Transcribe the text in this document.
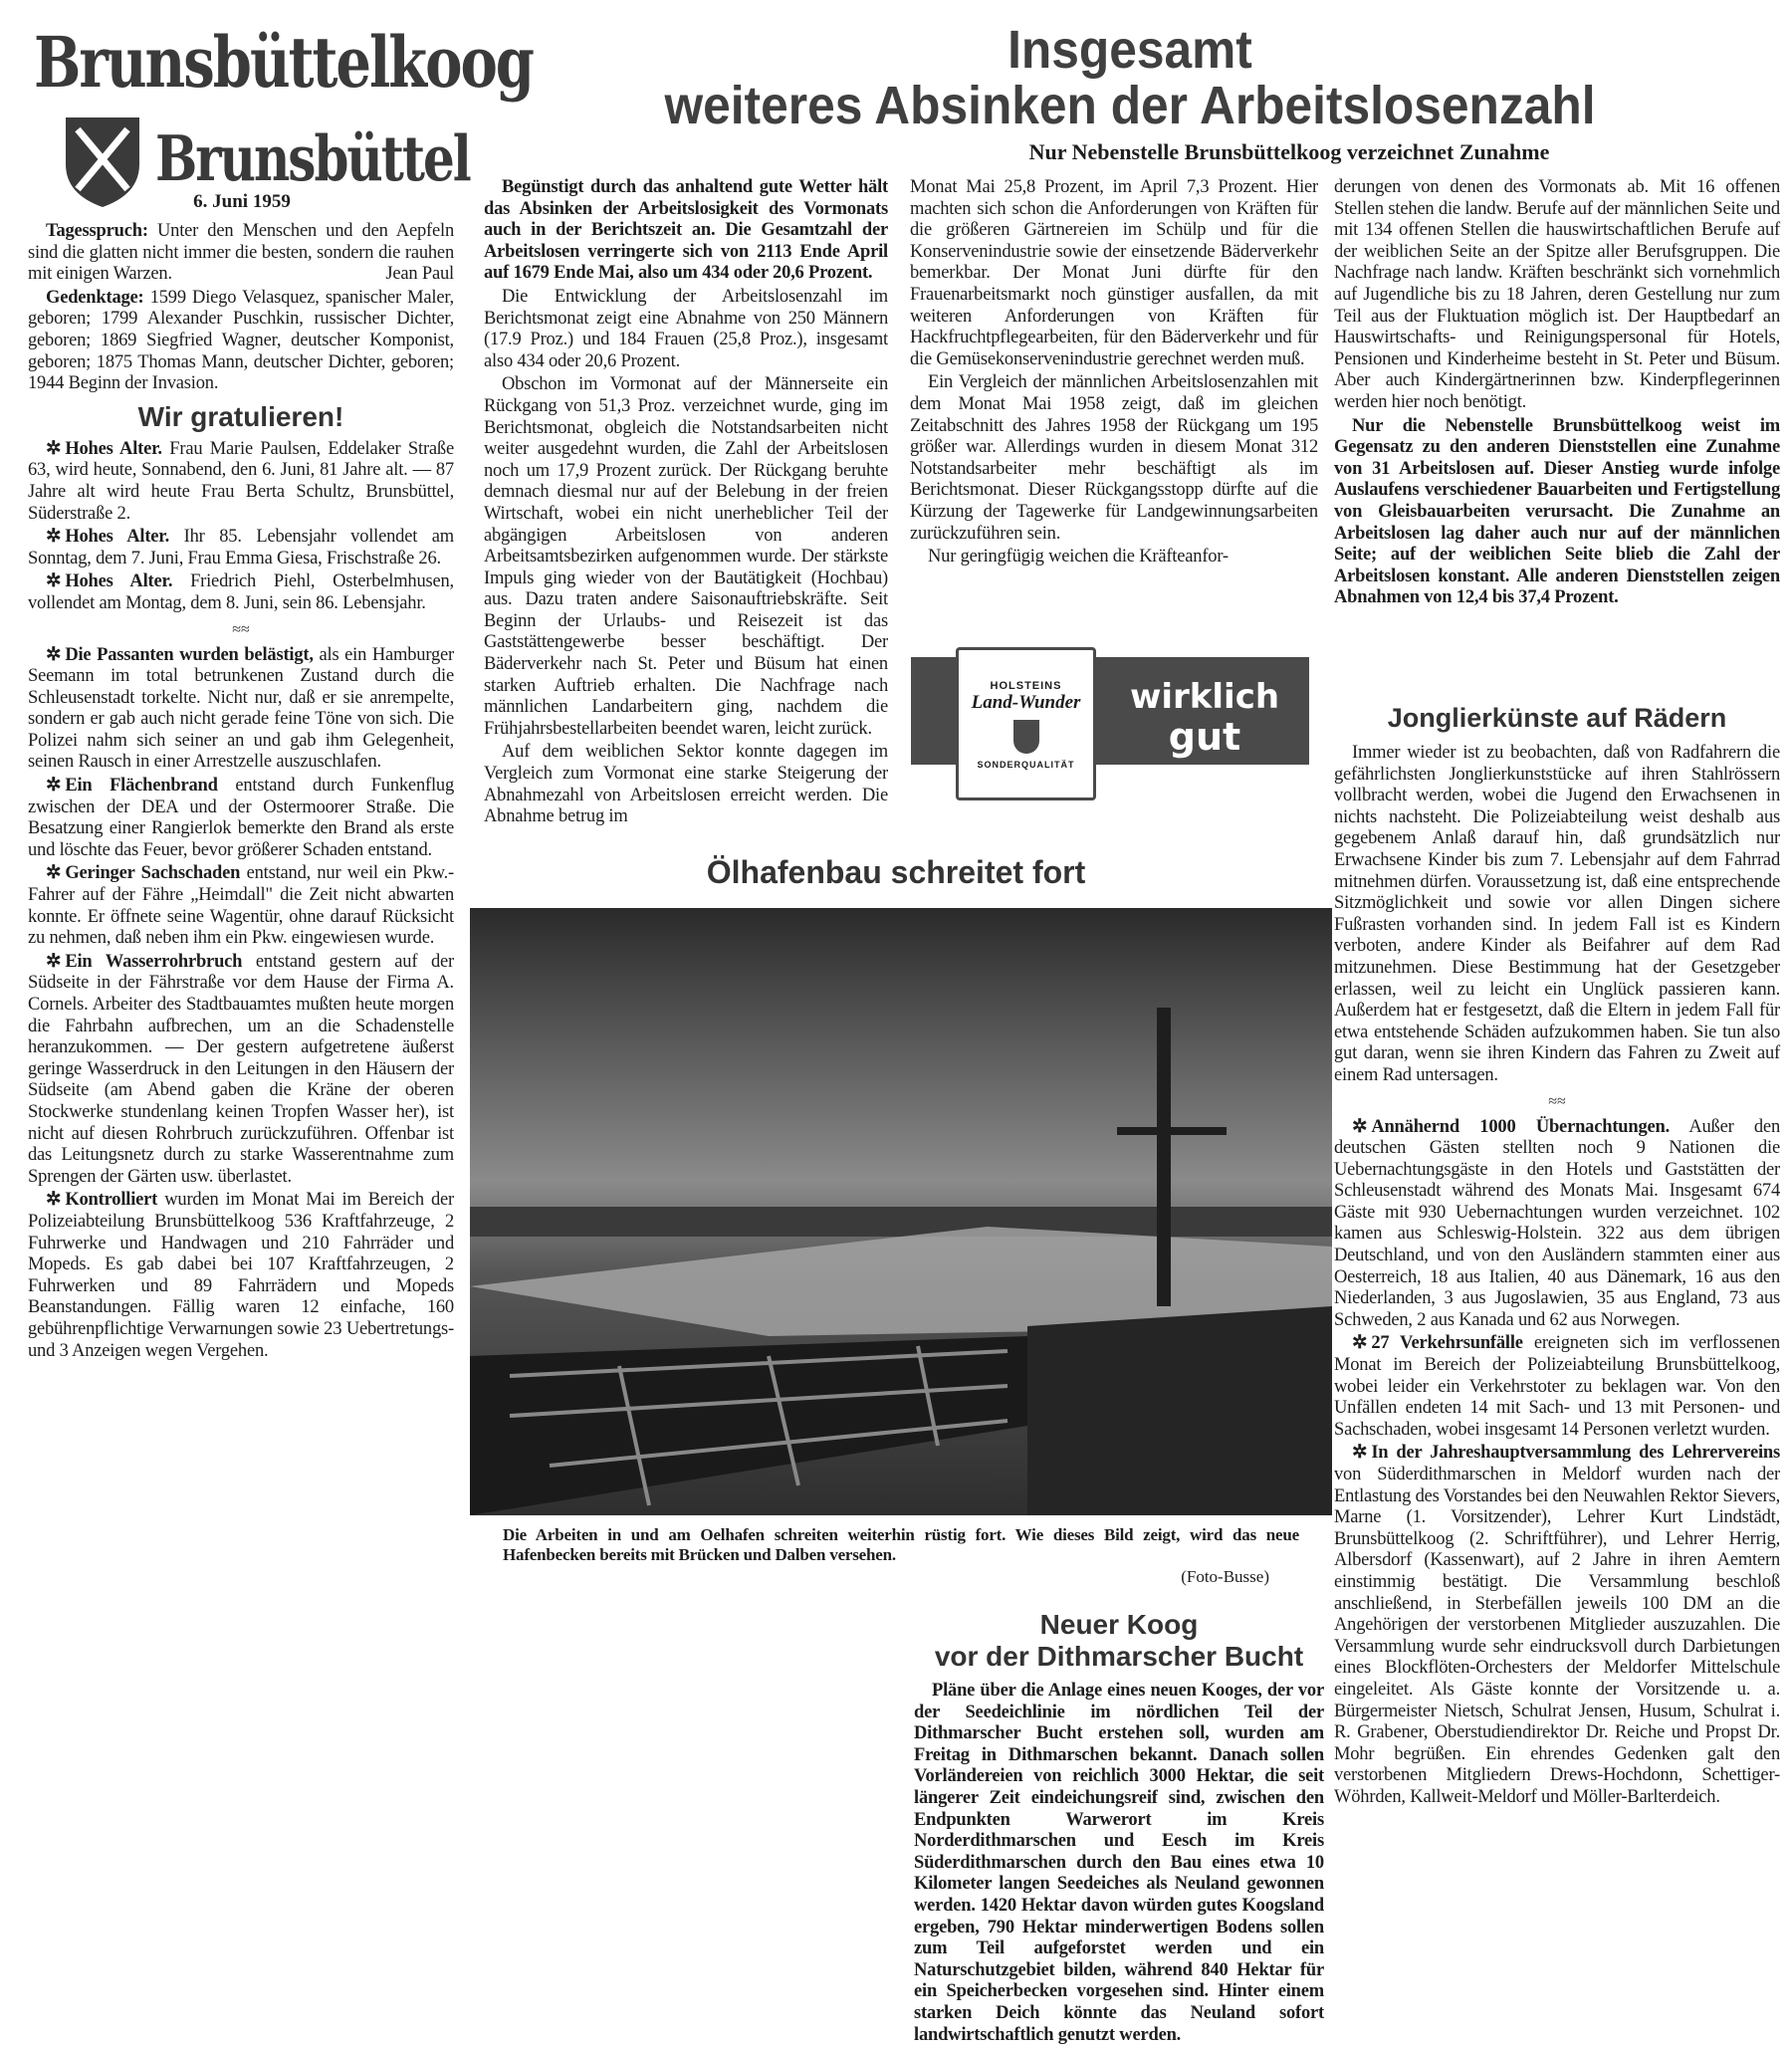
Brunsbüttelkoog
Brunsbüttel
6. Juni 1959

Tagesspruch: Unter den Menschen und den Aepfeln sind die glatten nicht immer die besten, sondern die rauhen mit einigen Warzen.	Jean Paul

Gedenktage: 1599 Diego Velasquez, spanischer Maler, geboren; 1799 Alexander Puschkin, russischer Dichter, geboren; 1869 Siegfried Wagner, deutscher Komponist, geboren; 1875 Thomas Mann, deutscher Dichter, geboren; 1944 Beginn der Invasion.

Wir gratulieren!

✲ Hohes Alter. Frau Marie Paulsen, Eddelaker Straße 63, wird heute, Sonnabend, den 6. Juni, 81 Jahre alt. — 87 Jahre alt wird heute Frau Berta Schultz, Brunsbüttel, Süderstraße 2.

✲ Hohes Alter. Ihr 85. Lebensjahr vollendet am Sonntag, dem 7. Juni, Frau Emma Giesa, Frischstraße 26.

✲ Hohes Alter. Friedrich Piehl, Osterbelmhusen, vollendet am Montag, dem 8. Juni, sein 86. Lebensjahr.

≈≈

✲ Die Passanten wurden belästigt, als ein Hamburger Seemann im total betrunkenen Zustand durch die Schleusenstadt torkelte. Nicht nur, daß er sie anrempelte, sondern er gab auch nicht gerade feine Töne von sich. Die Polizei nahm sich seiner an und gab ihm Gelegenheit, seinen Rausch in einer Arrestzelle auszuschlafen.

✲ Ein Flächenbrand entstand durch Funkenflug zwischen der DEA und der Ostermoorer Straße. Die Besatzung einer Rangierlok bemerkte den Brand als erste und löschte das Feuer, bevor größerer Schaden entstand.

✲ Geringer Sachschaden entstand, nur weil ein Pkw.-Fahrer auf der Fähre „Heimdall" die Zeit nicht abwarten konnte. Er öffnete seine Wagentür, ohne darauf Rücksicht zu nehmen, daß neben ihm ein Pkw. eingewiesen wurde.

✲ Ein Wasserrohrbruch entstand gestern auf der Südseite in der Fährstraße vor dem Hause der Firma A. Cornels. Arbeiter des Stadtbauamtes mußten heute morgen die Fahrbahn aufbrechen, um an die Schadenstelle heranzukommen. — Der gestern aufgetretene äußerst geringe Wasserdruck in den Leitungen in den Häusern der Südseite (am Abend gaben die Kräne der oberen Stockwerke stundenlang keinen Tropfen Wasser her), ist nicht auf diesen Rohrbruch zurückzuführen. Offenbar ist das Leitungsnetz durch zu starke Wasserentnahme zum Sprengen der Gärten usw. überlastet.

✲ Kontrolliert wurden im Monat Mai im Bereich der Polizeiabteilung Brunsbüttelkoog 536 Kraftfahrzeuge, 2 Fuhrwerke und Handwagen und 210 Fahrräder und Mopeds. Es gab dabei bei 107 Kraftfahrzeugen, 2 Fuhrwerken und 89 Fahrrädern und Mopeds Beanstandungen. Fällig waren 12 einfache, 160 gebührenpflichtige Verwarnungen sowie 23 Uebertretungs- und 3 Anzeigen wegen Vergehen.

Insgesamt
weiteres Absinken der Arbeitslosenzahl
Nur Nebenstelle Brunsbüttelkoog verzeichnet Zunahme

Begünstigt durch das anhaltend gute Wetter hält das Absinken der Arbeitslosigkeit des Vormonats auch in der Berichtszeit an. Die Gesamtzahl der Arbeitslosen verringerte sich von 2113 Ende April auf 1679 Ende Mai, also um 434 oder 20,6 Prozent.

Die Entwicklung der Arbeitslosenzahl im Berichtsmonat zeigt eine Abnahme von 250 Männern (17.9 Proz.) und 184 Frauen (25,8 Proz.), insgesamt also 434 oder 20,6 Prozent.

Obschon im Vormonat auf der Männerseite ein Rückgang von 51,3 Proz. verzeichnet wurde, ging im Berichtsmonat, obgleich die Notstandsarbeiten nicht weiter ausgedehnt wurden, die Zahl der Arbeitslosen noch um 17,9 Prozent zurück. Der Rückgang beruhte demnach diesmal nur auf der Belebung in der freien Wirtschaft, wobei ein nicht unerheblicher Teil der abgängigen Arbeitslosen von anderen Arbeitsamtsbezirken aufgenommen wurde. Der stärkste Impuls ging wieder von der Bautätigkeit (Hochbau) aus. Dazu traten andere Saisonauftriebskräfte. Seit Beginn der Urlaubs- und Reisezeit ist das Gaststättengewerbe besser beschäftigt. Der Bäderverkehr nach St. Peter und Büsum hat einen starken Auftrieb erhalten. Die Nachfrage nach männlichen Landarbeitern ging, nachdem die Frühjahrsbestellarbeiten beendet waren, leicht zurück.

Auf dem weiblichen Sektor konnte dagegen im Vergleich zum Vormonat eine starke Steigerung der Abnahmezahl von Arbeitslosen erreicht werden. Die Abnahme betrug im

Monat Mai 25,8 Prozent, im April 7,3 Prozent. Hier machten sich schon die Anforderungen von Kräften für die größeren Gärtnereien im Schülp und für die Konservenindustrie sowie der einsetzende Bäderverkehr bemerkbar. Der Monat Juni dürfte für den Frauenarbeitsmarkt noch günstiger ausfallen, da mit weiteren Anforderungen von Kräften für Hackfruchtpflegearbeiten, für den Bäderverkehr und für die Gemüsekonservenindustrie gerechnet werden muß.

Ein Vergleich der männlichen Arbeitslosenzahlen mit dem Monat Mai 1958 zeigt, daß im gleichen Zeitabschnitt des Jahres 1958 der Rückgang um 195 größer war. Allerdings wurden in diesem Monat 312 Notstandsarbeiter mehr beschäftigt als im Berichtsmonat. Dieser Rückgangsstopp dürfte auf die Kürzung der Tagewerke für Landgewinnungsarbeiten zurückzuführen sein.

Nur geringfügig weichen die Kräfteanfor-

derungen von denen des Vormonats ab. Mit 16 offenen Stellen stehen die landw. Berufe auf der männlichen Seite und mit 134 offenen Stellen die hauswirtschaftlichen Berufe auf der weiblichen Seite an der Spitze aller Berufsgruppen. Die Nachfrage nach landw. Kräften beschränkt sich vornehmlich auf Jugendliche bis zu 18 Jahren, deren Gestellung nur zum Teil aus der Fluktuation möglich ist. Der Hauptbedarf an Hauswirtschafts- und Reinigungspersonal für Hotels, Pensionen und Kinderheime besteht in St. Peter und Büsum. Aber auch Kindergärtnerinnen bzw. Kinderpflegerinnen werden hier noch benötigt.

Nur die Nebenstelle Brunsbüttelkoog weist im Gegensatz zu den anderen Dienststellen eine Zunahme von 31 Arbeitslosen auf. Dieser Anstieg wurde infolge Auslaufens verschiedener Bauarbeiten und Fertigstellung von Gleisbauarbeiten verursacht. Die Zunahme an Arbeitslosen lag daher auch nur auf der männlichen Seite; auf der weiblichen Seite blieb die Zahl der Arbeitslosen konstant. Alle anderen Dienststellen zeigen Abnahmen von 12,4 bis 37,4 Prozent.

HOLSTEINS
Land-Wunder
SONDERQUALITÄT
wirklich
gut
Ölhafenbau schreitet fort

Die Arbeiten in und am Oelhafen schreiten weiterhin rüstig fort. Wie dieses Bild zeigt, wird das neue Hafenbecken bereits mit Brücken und Dalben versehen.

(Foto-Busse)
Neuer Koog
vor der Dithmarscher Bucht

Pläne über die Anlage eines neuen Kooges, der vor der Seedeichlinie im nördlichen Teil der Dithmarscher Bucht erstehen soll, wurden am Freitag in Dithmarschen bekannt. Danach sollen Vorländereien von reichlich 3000 Hektar, die seit längerer Zeit eindeichungsreif sind, zwischen den Endpunkten Warwerort im Kreis Norderdithmarschen und Eesch im Kreis Süderdithmarschen durch den Bau eines etwa 10 Kilometer langen Seedeiches als Neuland gewonnen werden. 1420 Hektar davon würden gutes Koogsland ergeben, 790 Hektar minderwertigen Bodens sollen zum Teil aufgeforstet werden und ein Naturschutzgebiet bilden, während 840 Hektar für ein Speicherbecken vorgesehen sind. Hinter einem starken Deich könnte das Neuland sofort landwirtschaftlich genutzt werden.

Jonglierkünste auf Rädern

Immer wieder ist zu beobachten, daß von Radfahrern die gefährlichsten Jonglierkunststücke auf ihren Stahlrössern vollbracht werden, wobei die Jugend den Erwachsenen in nichts nachsteht. Die Polizeiabteilung weist deshalb aus gegebenem Anlaß darauf hin, daß grundsätzlich nur Erwachsene Kinder bis zum 7. Lebensjahr auf dem Fahrrad mitnehmen dürfen. Voraussetzung ist, daß eine entsprechende Sitzmöglichkeit und sowie vor allen Dingen sichere Fußrasten vorhanden sind. In jedem Fall ist es Kindern verboten, andere Kinder als Beifahrer auf dem Rad mitzunehmen. Diese Bestimmung hat der Gesetzgeber erlassen, weil zu leicht ein Unglück passieren kann. Außerdem hat er festgesetzt, daß die Eltern in jedem Fall für etwa entstehende Schäden aufzukommen haben. Sie tun also gut daran, wenn sie ihren Kindern das Fahren zu Zweit auf einem Rad untersagen.

≈≈

✲ Annähernd 1000 Übernachtungen. Außer den deutschen Gästen stellten noch 9 Nationen die Uebernachtungsgäste in den Hotels und Gaststätten der Schleusenstadt während des Monats Mai. Insgesamt 674 Gäste mit 930 Uebernachtungen wurden verzeichnet. 102 kamen aus Schleswig-Holstein. 322 aus dem übrigen Deutschland, und von den Ausländern stammten einer aus Oesterreich, 18 aus Italien, 40 aus Dänemark, 16 aus den Niederlanden, 3 aus Jugoslawien, 35 aus England, 73 aus Schweden, 2 aus Kanada und 62 aus Norwegen.

✲ 27 Verkehrsunfälle ereigneten sich im verflossenen Monat im Bereich der Polizeiabteilung Brunsbüttelkoog, wobei leider ein Verkehrstoter zu beklagen war. Von den Unfällen endeten 14 mit Sach- und 13 mit Personen- und Sachschaden, wobei insgesamt 14 Personen verletzt wurden.

✲ In der Jahreshauptversammlung des Lehrervereins von Süderdithmarschen in Meldorf wurden nach der Entlastung des Vorstandes bei den Neuwahlen Rektor Sievers, Marne (1. Vorsitzender), Lehrer Kurt Lindstädt, Brunsbüttelkoog (2. Schriftführer), und Lehrer Herrig, Albersdorf (Kassenwart), auf 2 Jahre in ihren Aemtern einstimmig bestätigt. Die Versammlung beschloß anschließend, in Sterbefällen jeweils 100 DM an die Angehörigen der verstorbenen Mitglieder auszuzahlen. Die Versammlung wurde sehr eindrucksvoll durch Darbietungen eines Blockflöten-Orchesters der Meldorfer Mittelschule eingeleitet. Als Gäste konnte der Vorsitzende u. a. Bürgermeister Nietsch, Schulrat Jensen, Husum, Schulrat i. R. Grabener, Oberstudiendirektor Dr. Reiche und Propst Dr. Mohr begrüßen. Ein ehrendes Gedenken galt den verstorbenen Mitgliedern Drews-Hochdonn, Schettiger-Wöhrden, Kallweit-Meldorf und Möller-Barlterdeich.
